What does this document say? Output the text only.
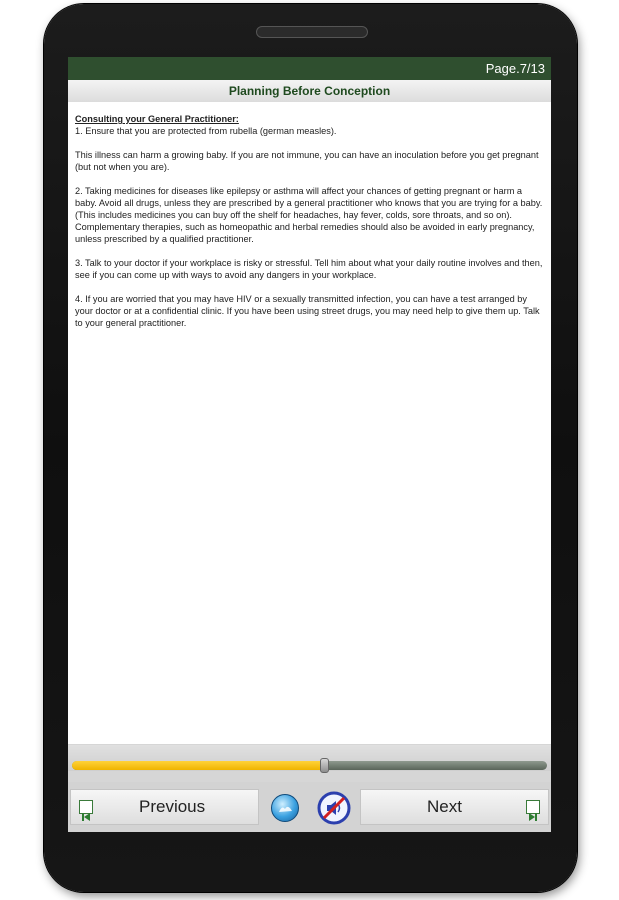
Page.7/13
Planning Before Conception
Consulting your General Practitioner:
1. Ensure that you are protected from rubella (german measles).
This illness can harm a growing baby. If you are not immune, you can have an inoculation before you get pregnant (but not when you are).
2. Taking medicines for diseases like epilepsy or asthma will affect your chances of getting pregnant or harm a baby. Avoid all drugs, unless they are prescribed by a general practitioner who knows that you are trying for a baby. (This includes medicines you can buy off the shelf for headaches, hay fever, colds, sore throats, and so on). Complementary therapies, such as homeopathic and herbal remedies should also be avoided in early pregnancy, unless prescribed by a qualified practitioner.
3. Talk to your doctor if your workplace is risky or stressful. Tell him about what your daily routine involves and then, see if you can come up with ways to avoid any dangers in your workplace.
4. If you are worried that you may have HIV or a sexually transmitted infection, you can have a test arranged by your doctor or at a confidential clinic. If you have been using street drugs, you may need help to give them up. Talk to your general practitioner.
Previous	Next
